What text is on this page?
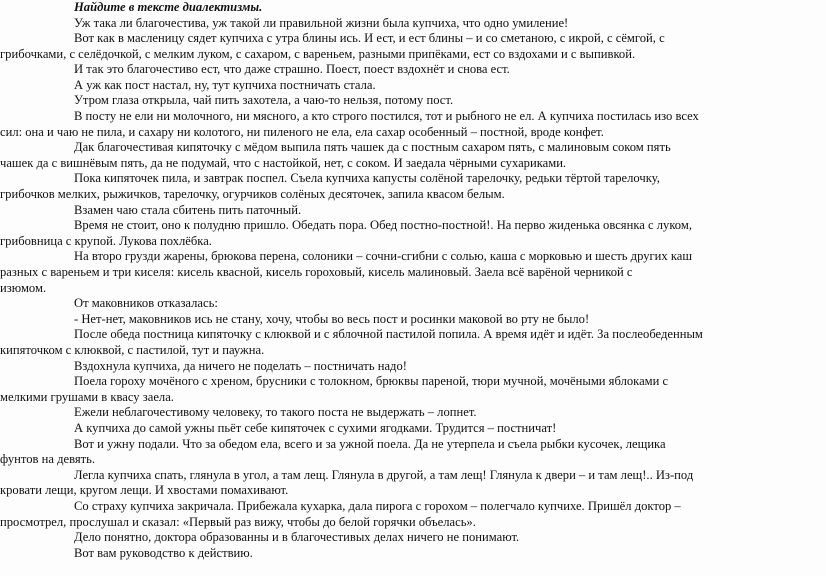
Найдите в тексте диалектизмы.

Уж така ли благочестива, уж такой ли правильной жизни была купчиха, что одно умиление!

Вот как в масленицу сядет купчиха с утра блины ись. И ест, и ест блины – и со сметаною, с икрой, с сёмгой, с
грибочками, с селёдочкой, с мелким луком, с сахаром, с вареньем, разными припёками, ест со вздохами и с выпивкой.

И так это благочестиво ест, что даже страшно. Поест, поест вздохнёт и снова ест.

А уж как пост настал, ну, тут купчиха постничать стала.

Утром глаза открыла, чай пить захотела, а чаю-то нельзя, потому пост.

В посту не ели ни молочного, ни мясного, а кто строго постился, тот и рыбного не ел. А купчиха постилась изо всех
сил: она и чаю не пила, и сахару ни колотого, ни пиленого не ела, ела сахар особенный – постной, вроде конфет.

Дак благочестивая кипяточку с мёдом выпила пять чашек да с постным сахаром пять, с малиновым соком пять
чашек да с вишнёвым пять, да не подумай, что с настойкой, нет, с соком. И заедала чёрными сухариками.

Пока кипяточек пила, и завтрак поспел. Съела купчиха капусты солёной тарелочку, редьки тёртой тарелочку,
грибочков мелких, рыжичков, тарелочку, огурчиков солёных десяточек, запила квасом белым.

Взамен чаю стала сбитень пить паточный.

Время не стоит, оно к полудню пришло. Обедать пора. Обед постно-постной!. На перво жиденька овсянка с луком,
грибовница с крупой. Лукова похлёбка.

На второ грузди жарены, брюкова перена, солоники – сочни-сгибни с солью, каша с морковью и шесть других каш
разных с вареньем и три киселя: кисель квасной, кисель гороховый, кисель малиновый. Заела всё варёной черникой с
изюмом.

От маковников отказалась:

- Нет-нет, маковников ись не стану, хочу, чтобы во весь пост и росинки маковой во рту не было!

После обеда постница кипяточку с клюквой и с яблочной пастилой попила. А время идёт и идёт. За послеобеденным
кипяточком с клюквой, с пастилой, тут и паужна.

Вздохнула купчиха, да ничего не поделать – постничать надо!

Поела гороху мочёного с хреном, брусники с толокном, брюквы пареной, тюри мучной, мочёными яблоками с
мелкими грушами в квасу заела.

Ежели неблагочестивому человеку, то такого поста не выдержать – лопнет.

А купчиха до самой ужны пьёт себе кипяточек с сухими ягодками. Трудится – постничат!

Вот и ужну подали. Что за обедом ела, всего и за ужной поела. Да не утерпела и съела рыбки кусочек, лещика
фунтов на девять.

Легла купчиха спать, глянула в угол, а там лещ. Глянула в другой, а там лещ! Глянула к двери – и там лещ!.. Из-под
кровати лещи, кругом лещи. И хвостами помахивают.

Со страху купчиха закричала. Прибежала кухарка, дала пирога с горохом – полегчало купчихе. Пришёл доктор –
просмотрел, прослушал и сказал: «Первый раз вижу, чтобы до белой горячки объелась».

Дело понятно, доктора образованны и в благочестивых делах ничего не понимают.

Вот вам руководство к действию.
